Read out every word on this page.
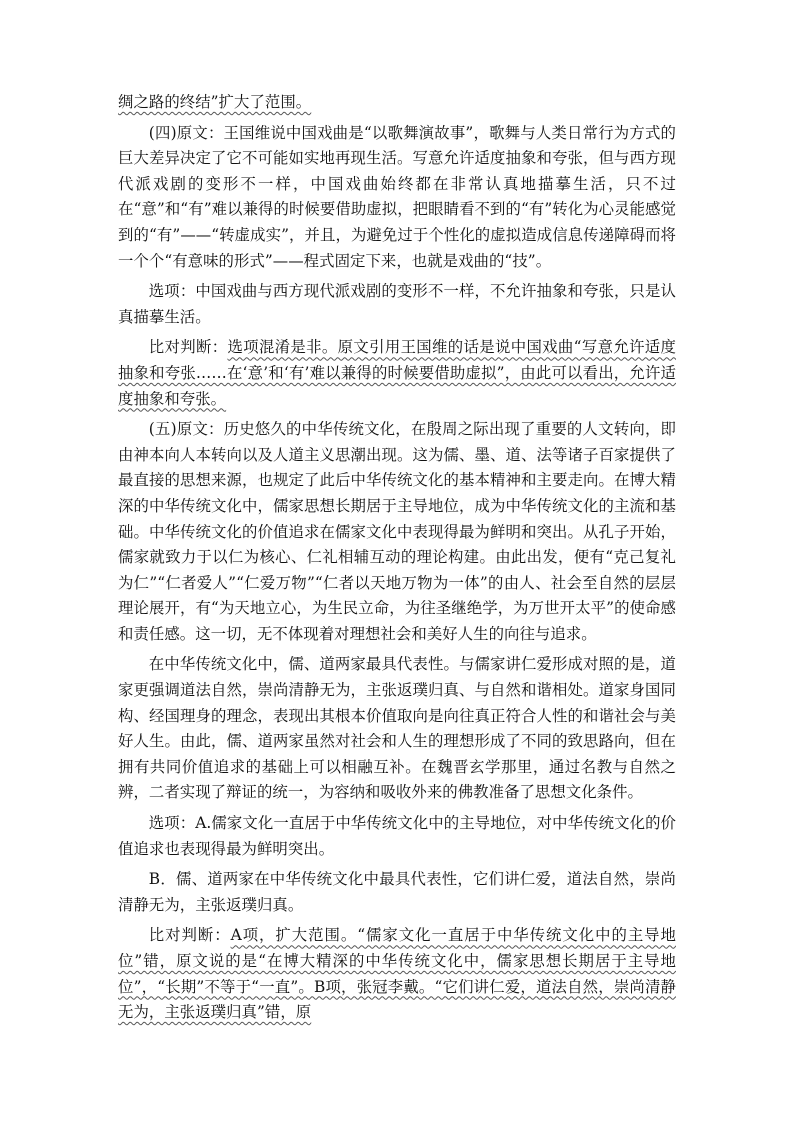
绸之路的终结”扩大了范围。

(四)原文：王国维说中国戏曲是“以歌舞演故事”，歌舞与人类日常行为方式的巨大差异决定了它不可能如实地再现生活。写意允许适度抽象和夸张，但与西方现代派戏剧的变形不一样，中国戏曲始终都在非常认真地描摹生活，只不过在“意”和“有”难以兼得的时候要借助虚拟，把眼睛看不到的“有”转化为心灵能感觉到的“有”——“转虚成实”，并且，为避免过于个性化的虚拟造成信息传递障碍而将一个个“有意味的形式”——程式固定下来，也就是戏曲的“技”。

选项：中国戏曲与西方现代派戏剧的变形不一样，不允许抽象和夸张，只是认真描摹生活。

比对判断：选项混淆是非。原文引用王国维的话是说中国戏曲“写意允许适度抽象和夸张……在‘意’和‘有’难以兼得的时候要借助虚拟”，由此可以看出，允许适度抽象和夸张。

(五)原文：历史悠久的中华传统文化，在殷周之际出现了重要的人文转向，即由神本向人本转向以及人道主义思潮出现。这为儒、墨、道、法等诸子百家提供了最直接的思想来源，也规定了此后中华传统文化的基本精神和主要走向。在博大精深的中华传统文化中，儒家思想长期居于主导地位，成为中华传统文化的主流和基础。中华传统文化的价值追求在儒家文化中表现得最为鲜明和突出。从孔子开始，儒家就致力于以仁为核心、仁礼相辅互动的理论构建。由此出发，便有“克己复礼为仁”“仁者爱人”“仁爱万物”“仁者以天地万物为一体”的由人、社会至自然的层层理论展开，有“为天地立心，为生民立命，为往圣继绝学，为万世开太平”的使命感和责任感。这一切，无不体现着对理想社会和美好人生的向往与追求。

在中华传统文化中，儒、道两家最具代表性。与儒家讲仁爱形成对照的是，道家更强调道法自然，崇尚清静无为，主张返璞归真、与自然和谐相处。道家身国同构、经国理身的理念，表现出其根本价值取向是向往真正符合人性的和谐社会与美好人生。由此，儒、道两家虽然对社会和人生的理想形成了不同的致思路向，但在拥有共同价值追求的基础上可以相融互补。在魏晋玄学那里，通过名教与自然之辨，二者实现了辩证的统一，为容纳和吸收外来的佛教准备了思想文化条件。

选项：A.儒家文化一直居于中华传统文化中的主导地位，对中华传统文化的价值追求也表现得最为鲜明突出。

B．儒、道两家在中华传统文化中最具代表性，它们讲仁爱，道法自然，崇尚清静无为，主张返璞归真。

比对判断：A项，扩大范围。“儒家文化一直居于中华传统文化中的主导地位”错，原文说的是“在博大精深的中华传统文化中，儒家思想长期居于主导地位”，“长期”不等于“一直”。B项，张冠李戴。“它们讲仁爱，道法自然，崇尚清静无为，主张返璞归真”错，原
